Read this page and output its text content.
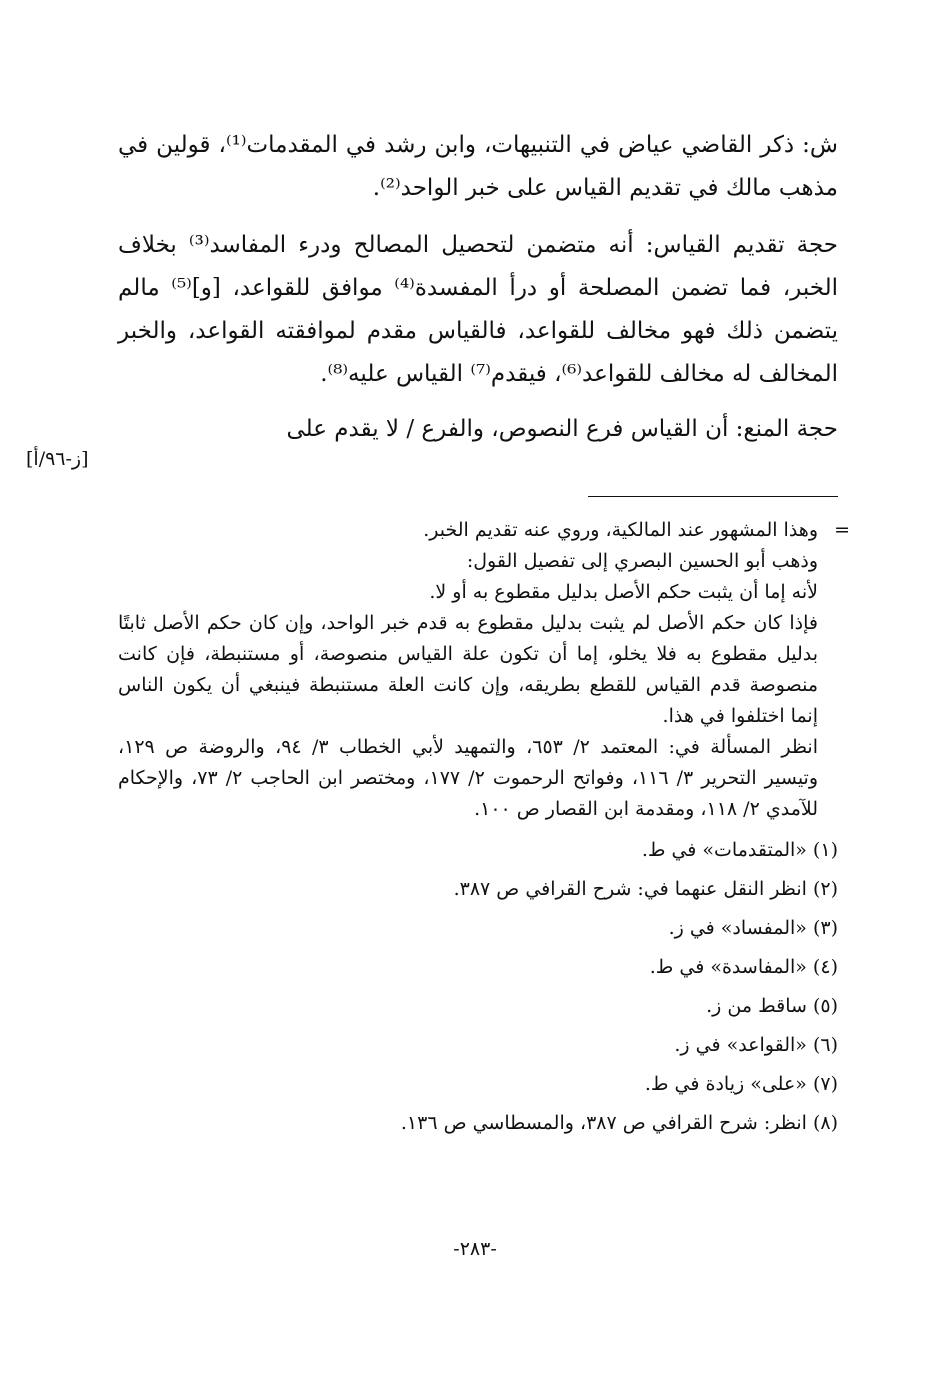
ش: ذكر القاضي عياض في التنبيهات، وابن رشد في المقدمات⁽¹⁾، قولين في مذهب مالك في تقديم القياس على خبر الواحد⁽²⁾.

حجة تقديم القياس: أنه متضمن لتحصيل المصالح ودرء المفاسد⁽³⁾ بخلاف الخبر، فما تضمن المصلحة أو درأ المفسدة⁽⁴⁾ موافق للقواعد، [و]⁽⁵⁾ مالم يتضمن ذلك فهو مخالف للقواعد، فالقياس مقدم لموافقته القواعد، والخبر المخالف له مخالف للقواعد⁽⁶⁾، فيقدم⁽⁷⁾ القياس عليه⁽⁸⁾.

حجة المنع: أن القياس فرع النصوص، والفرع / لا يقدم على

[ز-٩٦/أ]
=

وهذا المشهور عند المالكية، وروي عنه تقديم الخبر.

وذهب أبو الحسين البصري إلى تفصيل القول:

لأنه إما أن يثبت حكم الأصل بدليل مقطوع به أو لا.

فإذا كان حكم الأصل لم يثبت بدليل مقطوع به قدم خبر الواحد، وإن كان حكم الأصل ثابتًا بدليل مقطوع به فلا يخلو، إما أن تكون علة القياس منصوصة، أو مستنبطة، فإن كانت منصوصة قدم القياس للقطع بطريقه، وإن كانت العلة مستنبطة فينبغي أن يكون الناس إنما اختلفوا في هذا.

انظر المسألة في: المعتمد ٢/ ٦٥٣، والتمهيد لأبي الخطاب ٣/ ٩٤، والروضة ص ١٢٩، وتيسير التحرير ٣/ ١١٦، وفواتح الرحموت ٢/ ١٧٧، ومختصر ابن الحاجب ٢/ ٧٣، والإحكام للآمدي ٢/ ١١٨، ومقدمة ابن القصار ص ١٠٠.

(١) «المتقدمات» في ط.

(٢) انظر النقل عنهما في: شرح القرافي ص ٣٨٧.

(٣) «المفساد» في ز.

(٤) «المفاسدة» في ط.

(٥) ساقط من ز.

(٦) «القواعد» في ز.

(٧) «على» زيادة في ط.

(٨) انظر: شرح القرافي ص ٣٨٧، والمسطاسي ص ١٣٦.

-٢٨٣-
